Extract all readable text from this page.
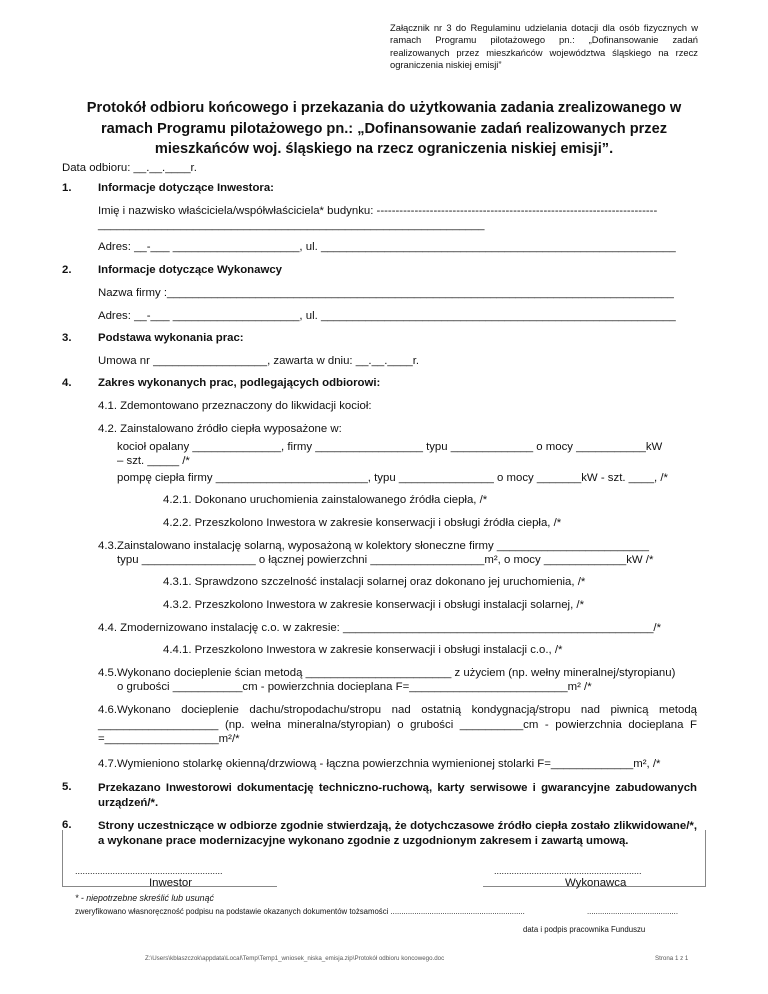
Załącznik nr 3 do Regulaminu udzielania dotacji dla osób fizycznych w ramach Programu pilotażowego pn.: „Dofinansowanie zadań realizowanych przez mieszkańców województwa śląskiego na rzecz ograniczenia niskiej emisji”
Protokół odbioru końcowego i przekazania do użytkowania zadania zrealizowanego w ramach Programu pilotażowego pn.: „Dofinansowanie zadań realizowanych przez mieszkańców woj. śląskiego na rzecz ograniczenia niskiej emisji”.
Data odbioru: __.__.____r.
1. Informacje dotyczące Inwestora:
Imię i nazwisko właściciela/współwłaściciela* budynku: --------------------------------------------------------------------------
_____________________________________________________________
Adres: __-___ ____________________, ul. ________________________________________________________
2. Informacje dotyczące Wykonawcy
Nazwa firmy :________________________________________________________________________________
Adres: __-___ ____________________, ul. ________________________________________________________
3. Podstawa wykonania prac:
Umowa nr __________________, zawarta w dniu: __.__.____r.
4. Zakres wykonanych prac, podlegających odbiorowi:
4.1. Zdemontowano przeznaczony do likwidacji kocioł:
4.2. Zainstalowano źródło ciepła wyposażone w:
kocioł opalany ______________, firmy _________________ typu _____________ o mocy ___________kW
– szt. _____ /*
pompę ciepła firmy ________________________, typu _______________ o mocy _______kW - szt. ____, /*
4.2.1. Dokonano uruchomienia zainstalowanego źródła ciepła, /*
4.2.2. Przeszkolono Inwestora w zakresie konserwacji i obsługi źródła ciepła, /*
4.3.Zainstalowano instalację solarną, wyposażoną w kolektory słoneczne firmy ________________________
typu __________________ o łącznej powierzchni __________________m², o mocy _____________kW /*
4.3.1. Sprawdzono szczelność instalacji solarnej oraz dokonano jej uruchomienia, /*
4.3.2. Przeszkolono Inwestora w zakresie konserwacji i obsługi instalacji solarnej, /*
4.4. Zmodernizowano instalację c.o. w zakresie: _________________________________________________/*
4.4.1. Przeszkolono Inwestora w zakresie konserwacji i obsługi instalacji c.o., /*
4.5.Wykonano docieplenie ścian metodą _______________________ z użyciem (np. wełny mineralnej/styropianu)
o grubości ___________cm - powierzchnia docieplana F=_________________________m² /*
4.6.Wykonano docieplenie dachu/stropodachu/stropu nad ostatnią kondygnacją/stropu nad piwnicą metodą ___________________ (np. wełna mineralna/styropian) o grubości __________cm - powierzchnia docieplana F =__________________m²/*
4.7.Wymieniono stolarkę okienną/drzwiową - łączna powierzchnia wymienionej stolarki F=_____________m², /*
5. Przekazano Inwestorowi dokumentację techniczno-ruchową, karty serwisowe i gwarancyjne zabudowanych urządzeń/*.
6. Strony uczestniczące w odbiorze zgodnie stwierdzają, że dotychczasowe źródło ciepła zostało zlikwidowane/*, a wykonane prace modernizacyjne wykonano zgodnie z uzgodnionym zakresem i zawartą umową.
...........................................................
Inwestor
...........................................................
Wykonawca
* - niepotrzebne skreślić lub usunąć
zweryfikowano własnoręczność podpisu na podstawie okazanych dokumentów tożsamości ..............................................................	..........................................
data i podpis pracownika Funduszu
Z:\Users\kblaszczok\appdata\Local\Temp\Temp1_wniosek_niska_emisja.zip\Protokół odbioru koncowego.doc	Strona 1 z 1
